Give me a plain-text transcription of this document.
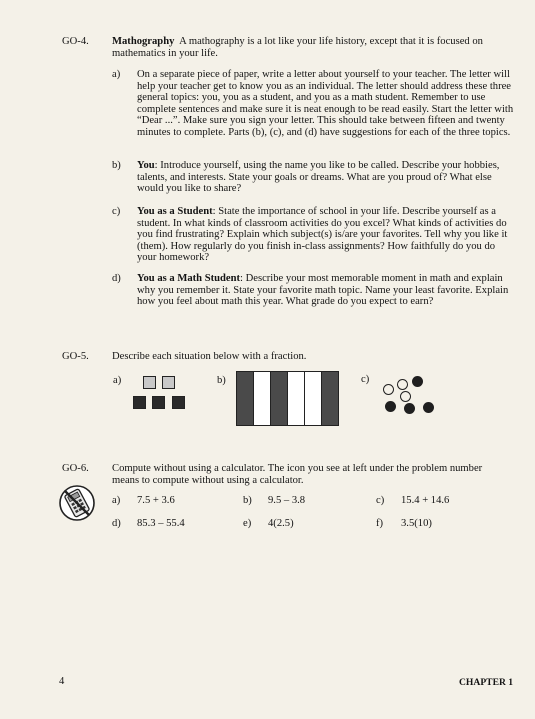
GO-4. Mathography A mathography is a lot like your life history, except that it is focused on mathematics in your life.
a)	On a separate piece of paper, write a letter about yourself to your teacher. The letter will help your teacher get to know you as an individual. The letter should address these three general topics: you, you as a student, and you as a math student. Remember to use complete sentences and make sure it is neat enough to be read easily. Start the letter with “Dear ...”. Make sure you sign your letter. This should take between fifteen and twenty minutes to complete. Parts (b), (c), and (d) have suggestions for each of the three topics.
b)	You: Introduce yourself, using the name you like to be called. Describe your hobbies, talents, and interests. State your goals or dreams. What are you proud of? What else would you like to share?
c)	You as a Student: State the importance of school in your life. Describe yourself as a student. In what kinds of classroom activities do you excel? What kinds of activities do you find frustrating? Explain which subject(s) is/are your favorites. Tell why you like it (them). How regularly do you finish in-class assignments? How faithfully do you do your homework?
d)	You as a Math Student: Describe your most memorable moment in math and explain why you remember it. State your favorite math topic. Name your least favorite. Explain how you feel about math this year. What grade do you expect to earn?
GO-5. Describe each situation below with a fraction.
a)	b)	c)
GO-6. Compute without using a calculator. The icon you see at left under the problem number means to compute without using a calculator.
a) 7.5 + 3.6	b) 9.5 – 3.8	c) 15.4 + 14.6
d) 85.3 – 55.4	e) 4(2.5)	f) 3.5(10)
4	CHAPTER 1
